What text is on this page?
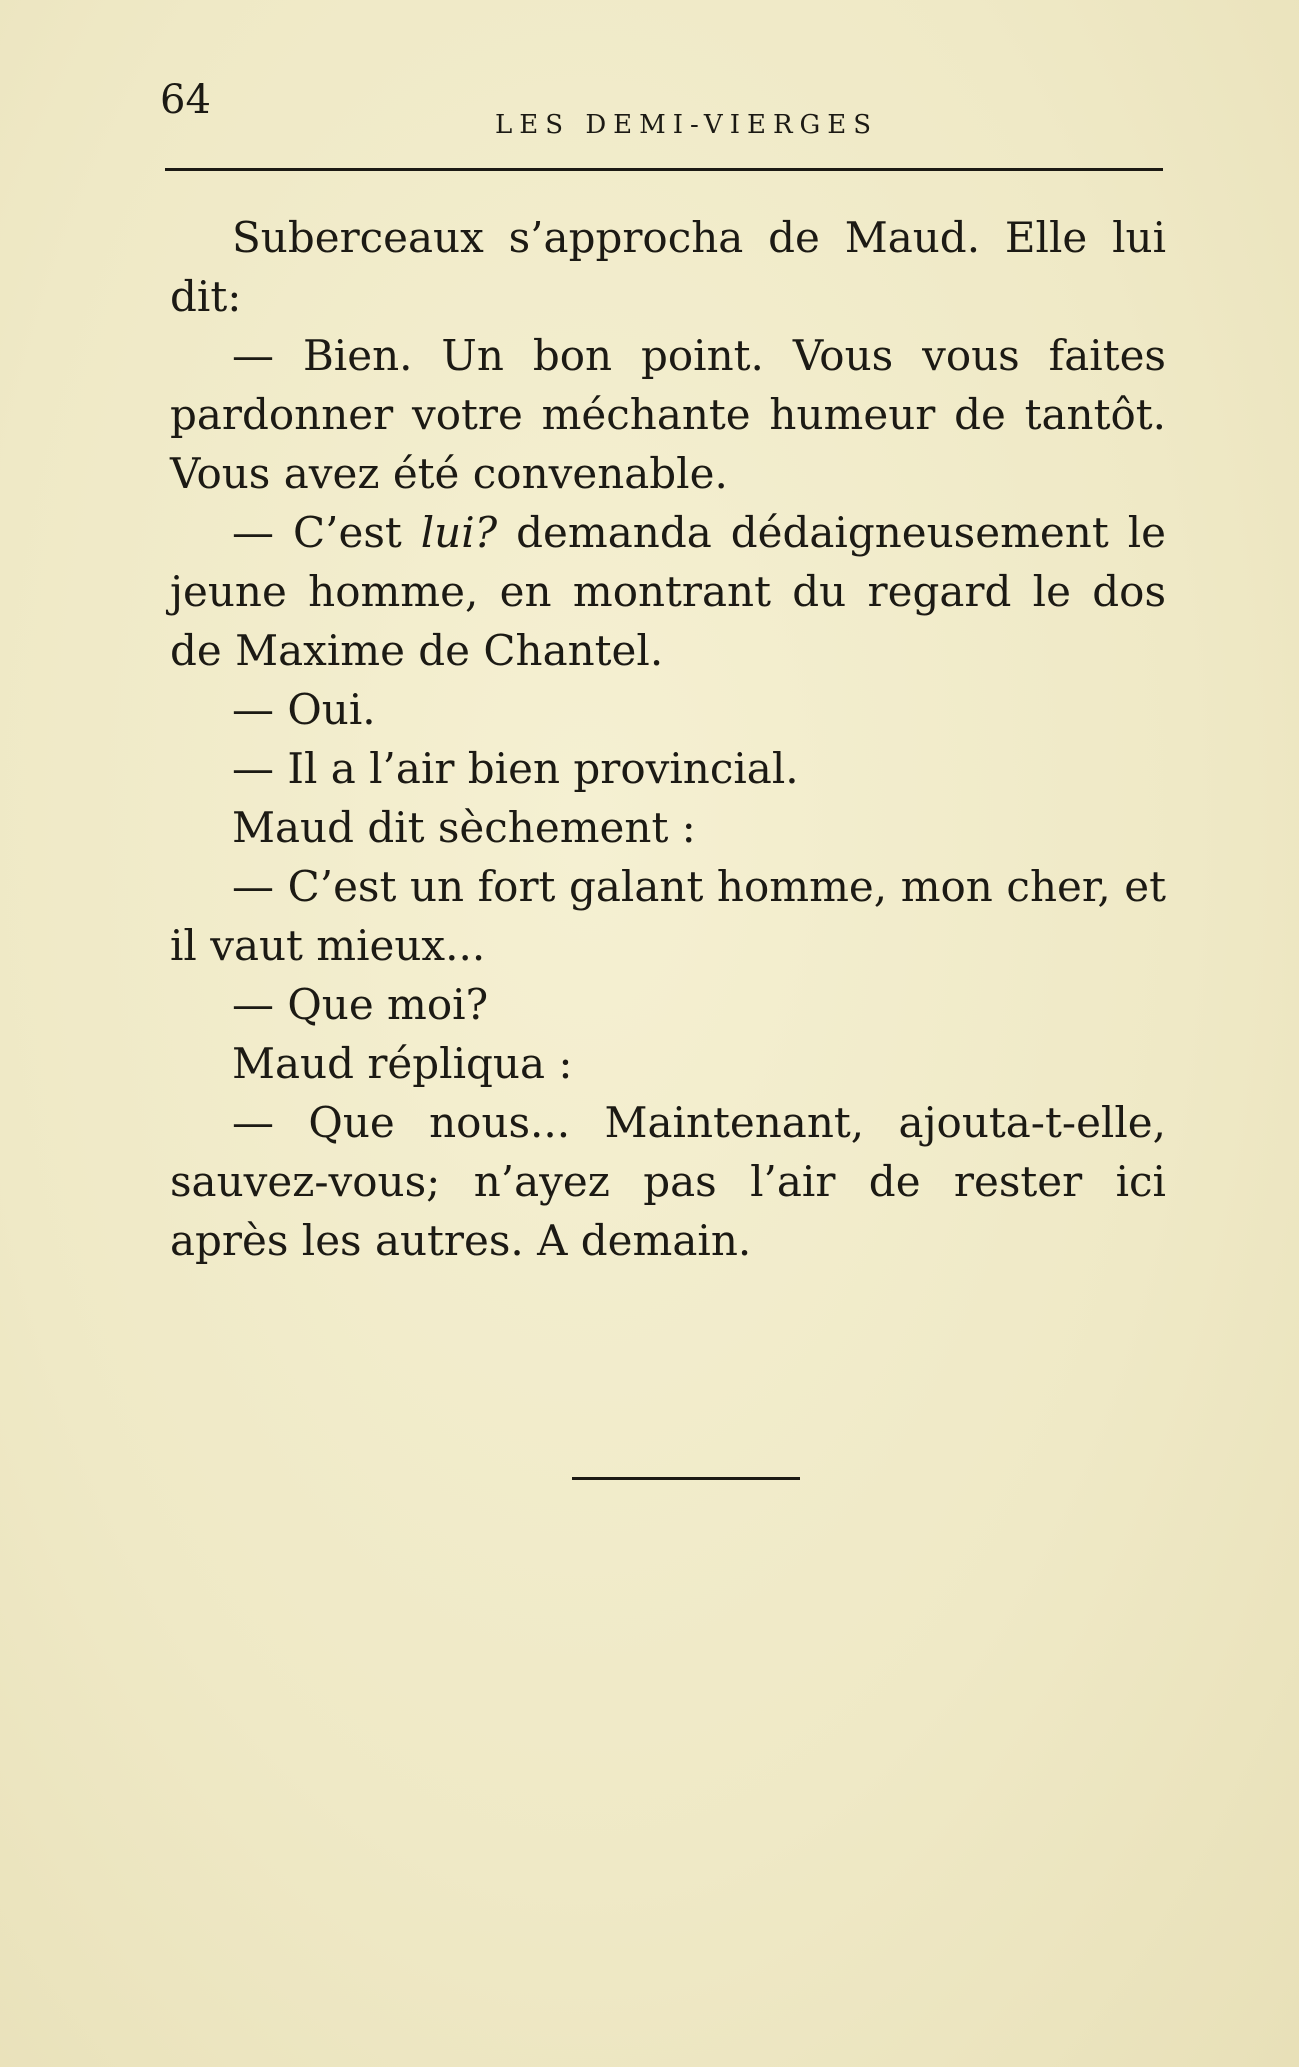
64
LES DEMI-VIERGES

Suberceaux s’approcha de Maud. Elle lui dit:

— Bien. Un bon point. Vous vous faites pardonner votre méchante humeur de tantôt. Vous avez été convenable.

— C’est lui? demanda dédaigneusement le jeune homme, en montrant du regard le dos de Maxime de Chantel.

— Oui.

— Il a l’air bien provincial.

Maud dit sèchement :

— C’est un fort galant homme, mon cher, et il vaut mieux...

— Que moi?

Maud répliqua :

— Que nous... Maintenant, ajouta-t-elle, sauvez-vous; n’ayez pas l’air de rester ici après les autres. A demain.
